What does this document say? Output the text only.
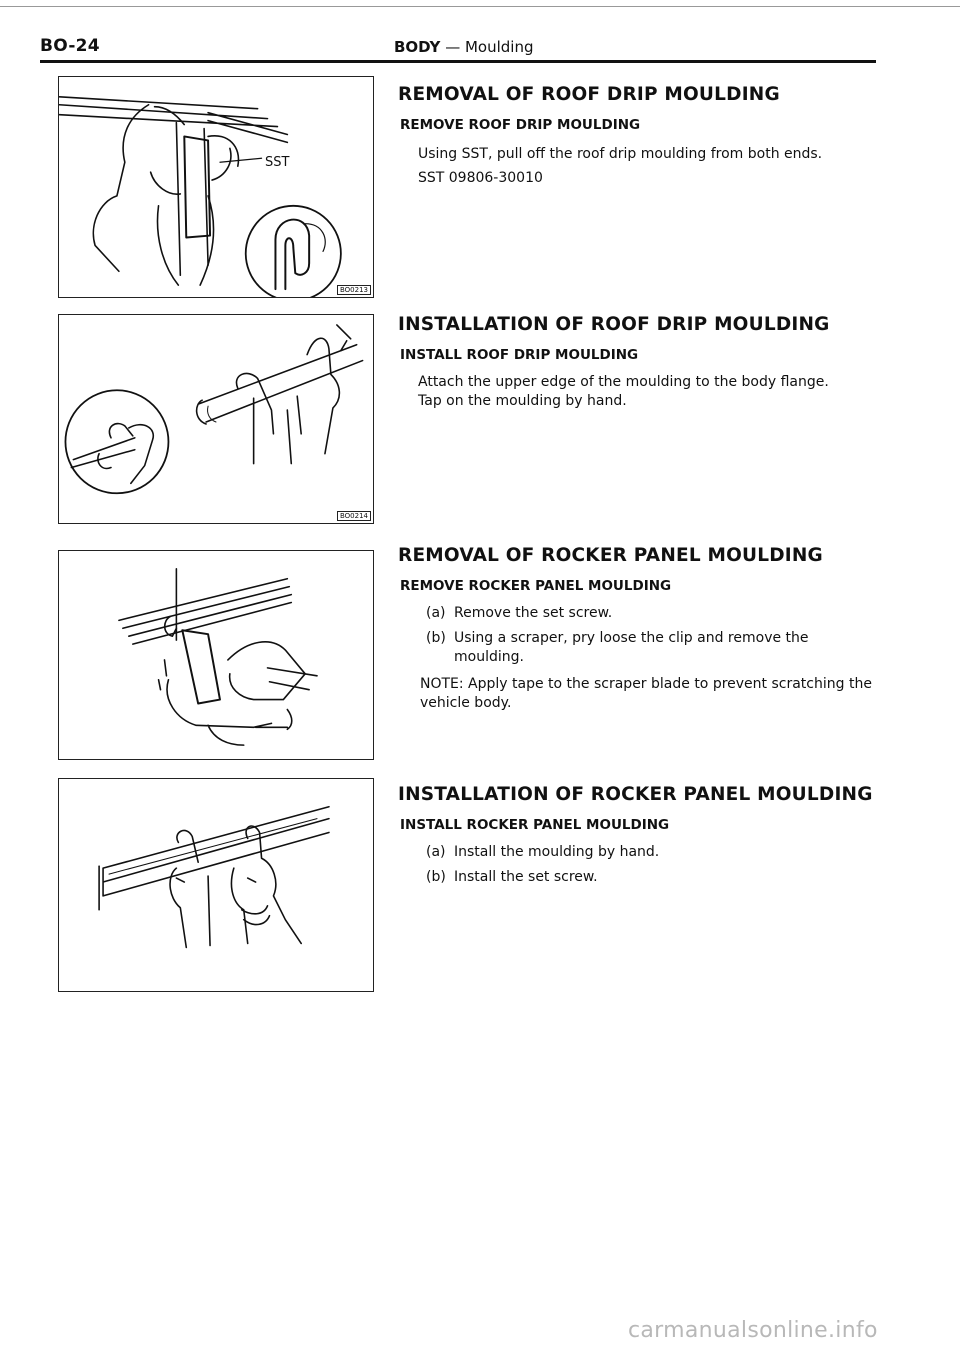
BO-24	BODY — Moulding
SST
BO0213
BO0214
REMOVAL OF ROOF DRIP MOULDING
REMOVE ROOF DRIP MOULDING
Using SST, pull off the roof drip moulding from both ends.
SST 09806-30010
INSTALLATION OF ROOF DRIP MOULDING
INSTALL ROOF DRIP MOULDING
Attach the upper edge of the moulding to the body flange.
Tap on the moulding by hand.
REMOVAL OF ROCKER PANEL MOULDING
REMOVE ROCKER PANEL MOULDING
(a) Remove the set screw.
(b) Using a scraper, pry loose the clip and remove the moulding.
NOTE: Apply tape to the scraper blade to prevent scratching the vehicle body.
INSTALLATION OF ROCKER PANEL MOULDING
INSTALL ROCKER PANEL MOULDING
(a) Install the moulding by hand.
(b) Install the set screw.
carmanualsonline.info
